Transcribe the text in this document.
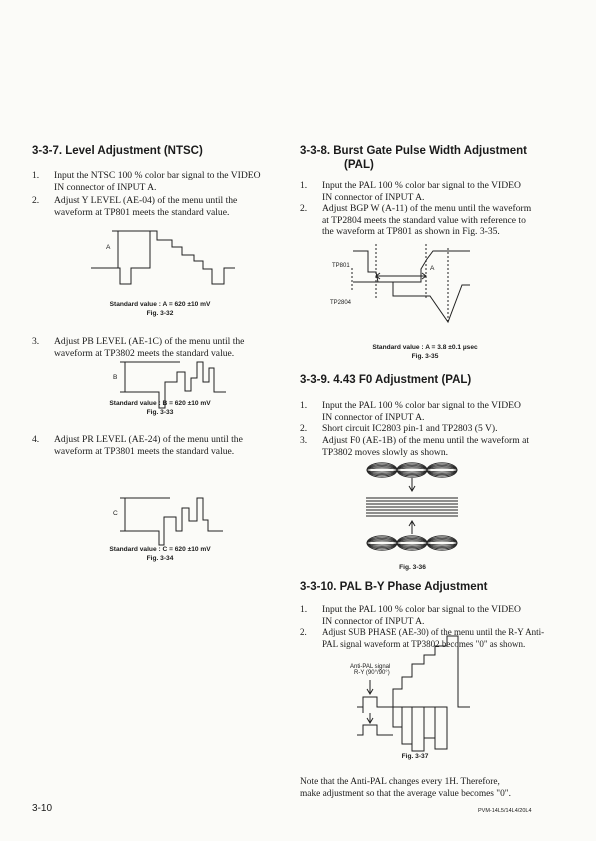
3-3-7. Level Adjustment (NTSC)
1. Input the NTSC 100 % color bar signal to the VIDEO
IN connector of INPUT A.
2. Adjust Y LEVEL (AE-04) of the menu until the
waveform at TP801 meets the standard value.
A
Standard value : A = 620 ±10 mV
Fig. 3-32
3. Adjust PB LEVEL (AE-1C) of the menu until the
waveform at TP3802 meets the standard value.
B
Standard value : B = 620 ±10 mV
Fig. 3-33
4. Adjust PR LEVEL (AE-24) of the menu until the
waveform at TP3801 meets the standard value.
C
Standard value : C = 620 ±10 mV
Fig. 3-34
3-3-8. Burst Gate Pulse Width Adjustment
(PAL)
1. Input the PAL 100 % color bar signal to the VIDEO
IN connector of INPUT A.
2. Adjust BGP W (A-11) of the menu until the waveform
at TP2804 meets the standard value with reference to
the waveform at TP801 as shown in Fig. 3-35.
A
TP801
TP2804
Standard value : A = 3.8 ±0.1 µsec
Fig. 3-35
3-3-9. 4.43 F0 Adjustment (PAL)
1. Input the PAL 100 % color bar signal to the VIDEO
IN connector of INPUT A.
2. Short circuit IC2803 pin-1 and TP2803 (5 V).
3. Adjust F0 (AE-1B) of the menu until the waveform at
TP3802 moves slowly as shown.
Fig. 3-36
3-3-10. PAL B-Y Phase Adjustment
1. Input the PAL 100 % color bar signal to the VIDEO
IN connector of INPUT A.
2. Adjust SUB PHASE (AE-30) of the menu until the R-Y Anti-
PAL signal waveform at TP3802 becomes "0" as shown.
Anti-PAL signal
R-Y (90°/90°)
Fig. 3-37
Note that the Anti-PAL changes every 1H. Therefore,
make adjustment so that the average value becomes "0".
3-10	PVM-14L5/14L4/20L4
